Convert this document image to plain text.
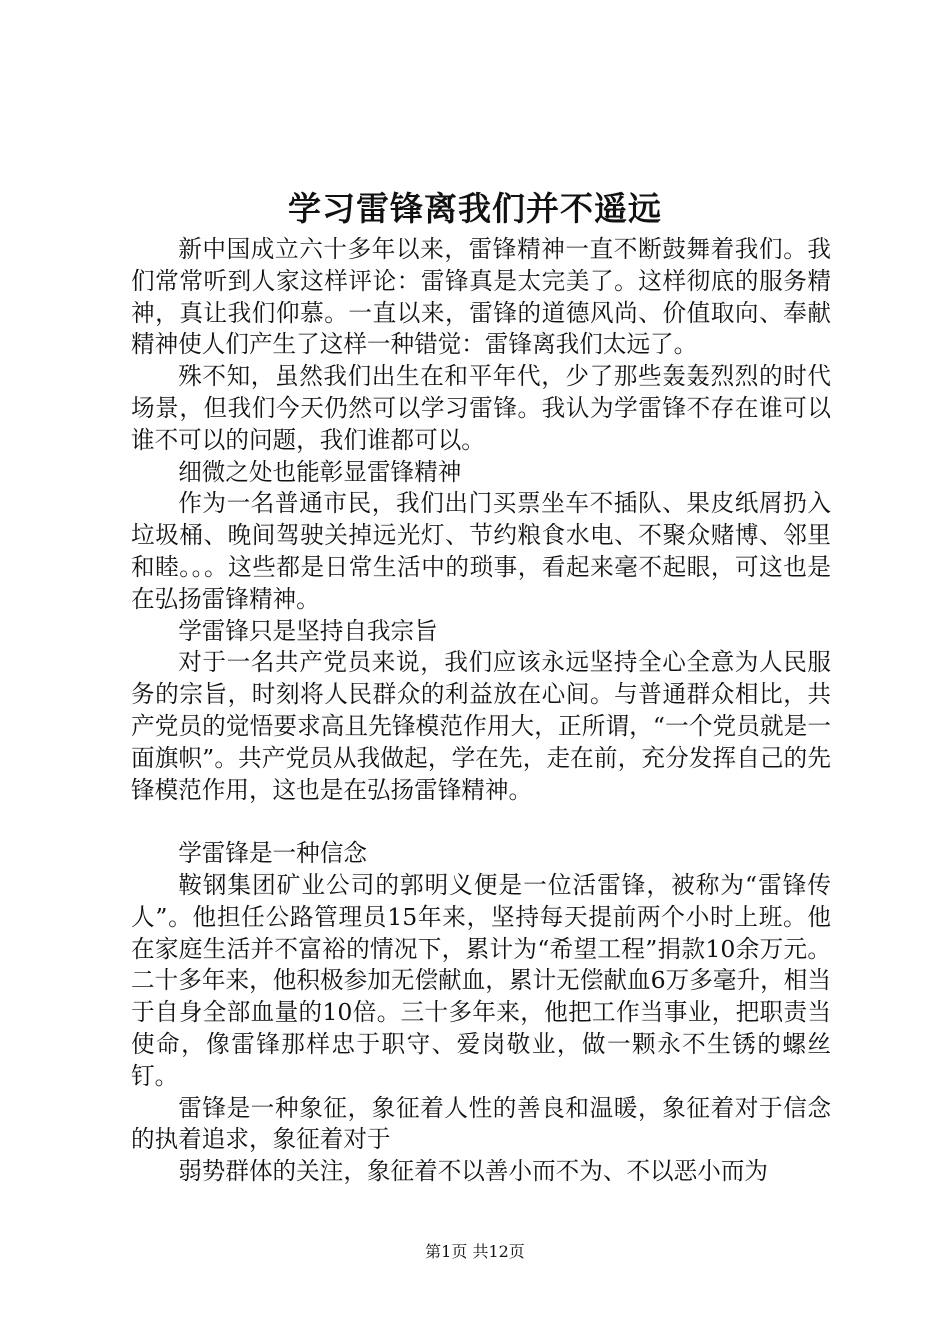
学习雷锋离我们并不遥远

新中国成立六十多年以来，雷锋精神一直不断鼓舞着我们。我们常常听到人家这样评论：雷锋真是太完美了。这样彻底的服务精神，真让我们仰慕。一直以来，雷锋的道德风尚、价值取向、奉献精神使人们产生了这样一种错觉：雷锋离我们太远了。

殊不知，虽然我们出生在和平年代，少了那些轰轰烈烈的时代场景，但我们今天仍然可以学习雷锋。我认为学雷锋不存在谁可以谁不可以的问题，我们谁都可以。

细微之处也能彰显雷锋精神

作为一名普通市民，我们出门买票坐车不插队、果皮纸屑扔入垃圾桶、晚间驾驶关掉远光灯、节约粮食水电、不聚众赌博、邻里和睦。。。这些都是日常生活中的琐事，看起来毫不起眼，可这也是在弘扬雷锋精神。

学雷锋只是坚持自我宗旨

对于一名共产党员来说，我们应该永远坚持全心全意为人民服务的宗旨，时刻将人民群众的利益放在心间。与普通群众相比，共产党员的觉悟要求高且先锋模范作用大，正所谓，“一个党员就是一面旗帜”。共产党员从我做起，学在先，走在前，充分发挥自己的先锋模范作用，这也是在弘扬雷锋精神。

学雷锋是一种信念

鞍钢集团矿业公司的郭明义便是一位活雷锋，被称为“雷锋传人”。他担任公路管理员15年来，坚持每天提前两个小时上班。他在家庭生活并不富裕的情况下，累计为“希望工程”捐款10余万元。二十多年来，他积极参加无偿献血，累计无偿献血6万多毫升，相当于自身全部血量的10倍。三十多年来，他把工作当事业，把职责当使命，像雷锋那样忠于职守、爱岗敬业，做一颗永不生锈的螺丝钉。

雷锋是一种象征，象征着人性的善良和温暖，象征着对于信念的执着追求，象征着对于

弱势群体的关注，象征着不以善小而不为、不以恶小而为

第1页 共12页
